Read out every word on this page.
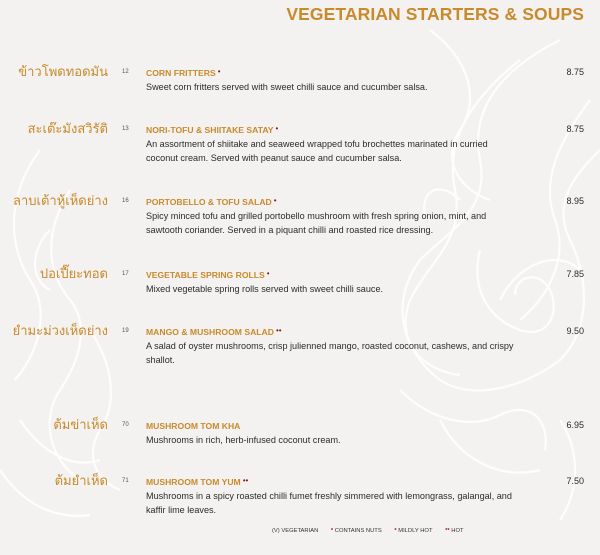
VEGETARIAN STARTERS & SOUPS
ข้าวโพดทอดมัน 12 CORN FRITTERS •	8.75
Sweet corn fritters served with sweet chilli sauce and cucumber salsa.
สะเต๊ะมังสวิรัติ 13 NORI-TOFU & SHIITAKE SATAY •	8.75
An assortment of shiitake and seaweed wrapped tofu brochettes marinated in curried coconut cream. Served with peanut sauce and cucumber salsa.
ลาบเต้าหู้เห็ดย่าง 16 PORTOBELLO & TOFU SALAD •	8.95
Spicy minced tofu and grilled portobello mushroom with fresh spring onion, mint, and sawtooth coriander. Served in a piquant chilli and roasted rice dressing.
ปอเปี๊ยะทอด 17 VEGETABLE SPRING ROLLS •	7.85
Mixed vegetable spring rolls served with sweet chilli sauce.
ยำมะม่วงเห็ดย่าง 19 MANGO & MUSHROOM SALAD ••	9.50
A salad of oyster mushrooms, crisp julienned mango, roasted coconut, cashews, and crispy shallot.
ต้มข่าเห็ด 70 MUSHROOM TOM KHA	6.95
Mushrooms in rich, herb-infused coconut cream.
ต้มยำเห็ด 71 MUSHROOM TOM YUM ••	7.50
Mushrooms in a spicy roasted chilli fumet freshly simmered with lemongrass, galangal, and kaffir lime leaves.
(V) VEGETARIAN * CONTAINS NUTS * MILDLY HOT ** HOT
